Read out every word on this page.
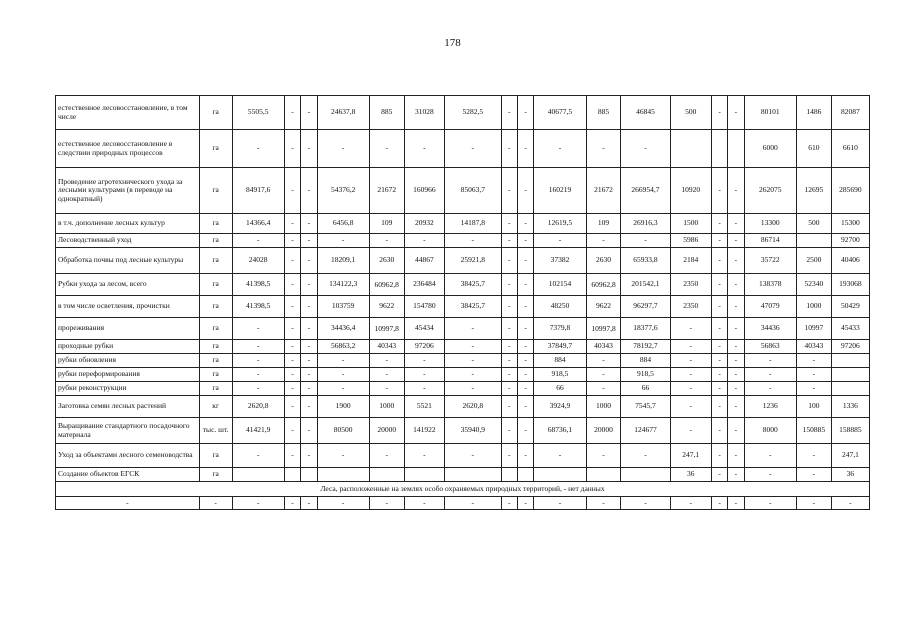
178
естественное лесовосстановление, в том числе	га	5505,5	-	-	24637,8	885	31028	5282,5	-	-	40677,5	885	46845	500	-	-	80101	1486	82087
естественное лесовосстановление в следствии природных процессов	га	-	-	-	-	-	-	-	-	-	-	-	-				6000	610	6610
Проведение агротехнического ухода за лесными культурами (в переводе на однократный)	га	84917,6	-	-	54376,2	21672	160966	85063,7	-	-	160219	21672	266954,7	10920	-	-	262075	12695	285690
в т.ч. дополнение лесных культур	га	14366,4	-	-	6456,8	109	20932	14187,8	-	-	12619,5	109	26916,3	1500	-	-	13300	500	15300
Лесоводственный уход	га	-	-	-	-	-	-	-	-	-	-	-	-	5986	-	-	86714		92700
Обработка почвы под лесные культуры	га	24028	-	-	18209,1	2630	44867	25921,8	-	-	37382	2630	65933,8	2184	-	-	35722	2500	40406
Рубки ухода за лесом, всего	га	41398,5	-	-	134122,3	60962,8	236484	38425,7	-	-	102154	60962,8	201542,1	2350	-	-	138378	52340	193068
в том числе осветления, прочистки	га	41398,5	-	-	103759	9622	154780	38425,7	-	-	48250	9622	96297,7	2350	-	-	47079	1000	50429
прореживания	га	-	-	-	34436,4	10997,8	45434	-	-	-	7379,8	10997,8	18377,6	-	-	-	34436	10997	45433
проходные рубки	га	-	-	-	56863,2	40343	97206	-	-	-	37849,7	40343	78192,7	-	-	-	56863	40343	97206
рубки обновления	га	-	-	-	-	-	-	-	-	-	884	-	884	-	-	-	-	-	
рубки переформирования	га	-	-	-	-	-	-	-	-	-	918,5	-	918,5	-	-	-	-	-	
рубки реконструкции	га	-	-	-	-	-	-	-	-	-	66	-	66	-	-	-	-	-	
Заготовка семян лесных растений	кг	2620,8	-	-	1900	1000	5521	2620,8	-	-	3924,9	1000	7545,7	-	-	-	1236	100	1336
Выращивание стандартного посадочного материала	тыс. шт.	41421,9	-	-	80500	20000	141922	35940,9	-	-	68736,1	20000	124677	-	-	-	8000	150885	158885
Уход за объектами лесного семеноводства	га	-	-	-	-	-	-	-	-	-	-	-	-	247,1	-	-	-	-	247,1
Создание объектов ЕГСК	га													36	-	-	-	-	36
Леса, расположенные на землях особо охраняемых природных территорий, - нет данных																			
-	-	-	-	-	-	-	-	-	-	-	-	-	-	-	-	-	-	-	-
